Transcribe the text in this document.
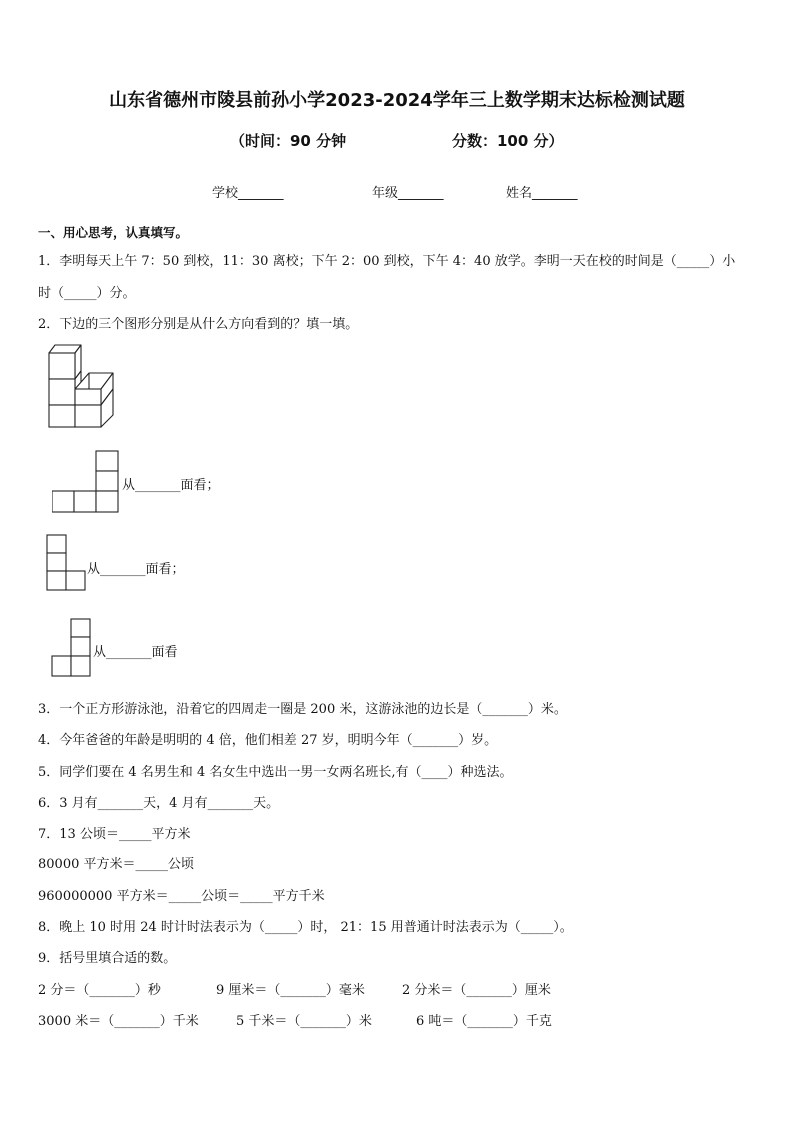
山东省德州市陵县前孙小学2023-2024学年三上数学期末达标检测试题
（时间：90 分钟	分数：100 分）
学校_______	年级_______	姓名_______
一、用心思考，认真填写。
1．李明每天上午 7：50 到校，11：30 离校；下午 2：00 到校，下午 4：40 放学。李明一天在校的时间是（_____）小
时（_____）分。
2．下边的三个图形分别是从什么方向看到的？填一填。
从_______面看；
从_______面看；
从_______面看
3．一个正方形游泳池，沿着它的四周走一圈是 200 米，这游泳池的边长是（_______）米。
4．今年爸爸的年龄是明明的 4 倍，他们相差 27 岁，明明今年（_______）岁。
5．同学们要在 4 名男生和 4 名女生中选出一男一女两名班长,有（____）种选法。
6．3 月有_______天，4 月有_______天。
7．13 公顷＝_____平方米
80000 平方米＝_____公顷
960000000 平方米＝_____公顷＝_____平方千米
8．晚上 10 时用 24 时计时法表示为（_____）时， 21：15 用普通计时法表示为（_____）。
9．括号里填合适的数。
2 分＝（_______）秒	9 厘米＝（_______）毫米	2 分米＝（_______）厘米
3000 米＝（_______）千米	5 千米＝（_______）米	6 吨＝（_______）千克
